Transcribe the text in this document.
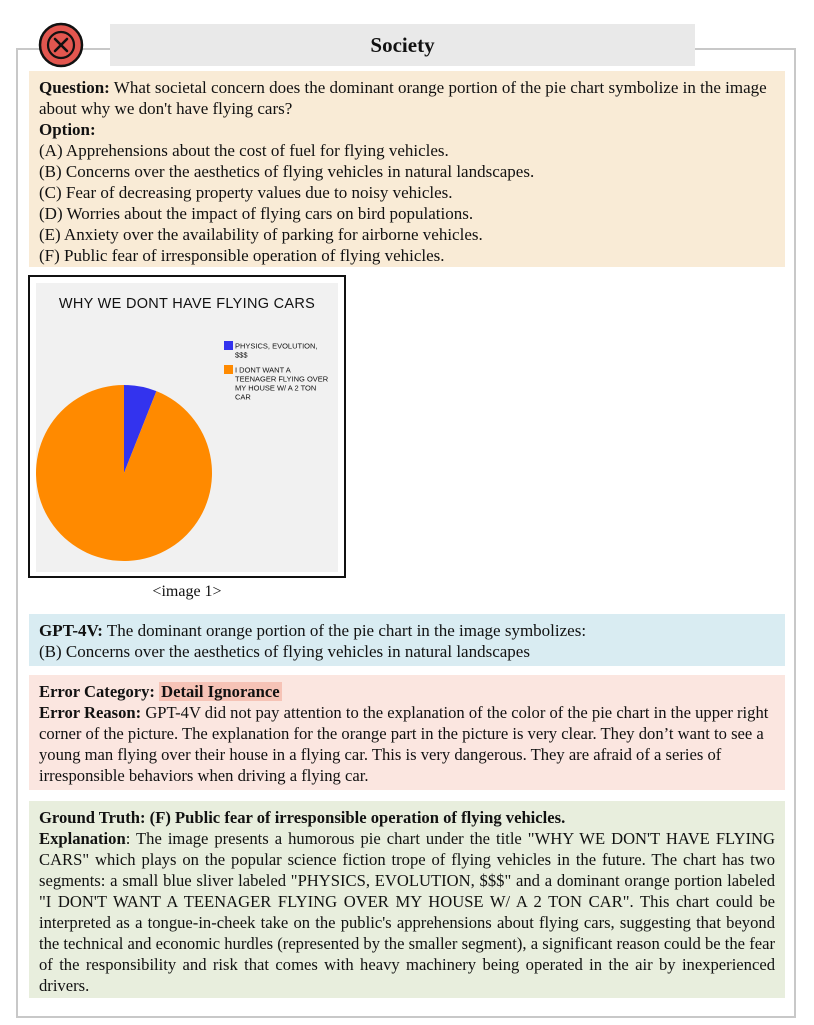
Society
Question: What societal concern does the dominant orange portion of the pie chart symbolize in the image about why we don't have flying cars?
Option:
(A) Apprehensions about the cost of fuel for flying vehicles.
(B) Concerns over the aesthetics of flying vehicles in natural landscapes.
(C) Fear of decreasing property values due to noisy vehicles.
(D) Worries about the impact of flying cars on bird populations.
(E) Anxiety over the availability of parking for airborne vehicles.
(F) Public fear of irresponsible operation of flying vehicles.
WHY WE DONT HAVE FLYING CARS
PHYSICS, EVOLUTION, $$$
I DONT WANT A TEENAGER FLYING OVER MY HOUSE W/ A 2 TON CAR
<image 1>
GPT-4V: The dominant orange portion of the pie chart in the image symbolizes:
(B) Concerns over the aesthetics of flying vehicles in natural landscapes
Error Category: Detail Ignorance
Error Reason: GPT-4V did not pay attention to the explanation of the color of the pie chart in the upper right corner of the picture. The explanation for the orange part in the picture is very clear. They don’t want to see a young man flying over their house in a flying car. This is very dangerous. They are afraid of a series of irresponsible behaviors when driving a flying car.
Ground Truth: (F) Public fear of irresponsible operation of flying vehicles.
Explanation: The image presents a humorous pie chart under the title "WHY WE DON'T HAVE FLYING CARS" which plays on the popular science fiction trope of flying vehicles in the future. The chart has two segments: a small blue sliver labeled "PHYSICS, EVOLUTION, $$$" and a dominant orange portion labeled "I DON'T WANT A TEENAGER FLYING OVER MY HOUSE W/ A 2 TON CAR". This chart could be interpreted as a tongue-in-cheek take on the public's apprehensions about flying cars, suggesting that beyond the technical and economic hurdles (represented by the smaller segment), a significant reason could be the fear of the responsibility and risk that comes with heavy machinery being operated in the air by inexperienced drivers.
